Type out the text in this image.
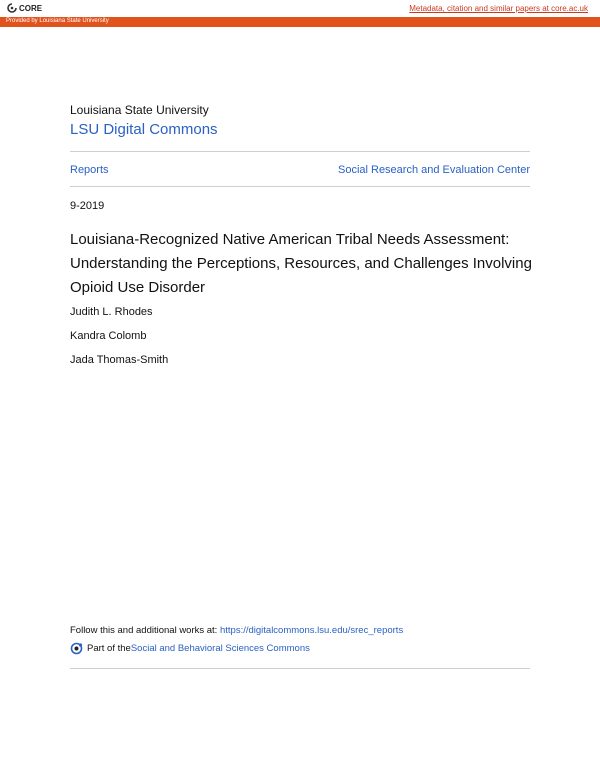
CORE	Metadata, citation and similar papers at core.ac.uk
Provided by Louisiana State University
Louisiana State University
LSU Digital Commons
Reports	Social Research and Evaluation Center
9-2019
Louisiana-Recognized Native American Tribal Needs Assessment: Understanding the Perceptions, Resources, and Challenges Involving Opioid Use Disorder
Judith L. Rhodes
Kandra Colomb
Jada Thomas-Smith
Follow this and additional works at: https://digitalcommons.lsu.edu/srec_reports
Part of the Social and Behavioral Sciences Commons
